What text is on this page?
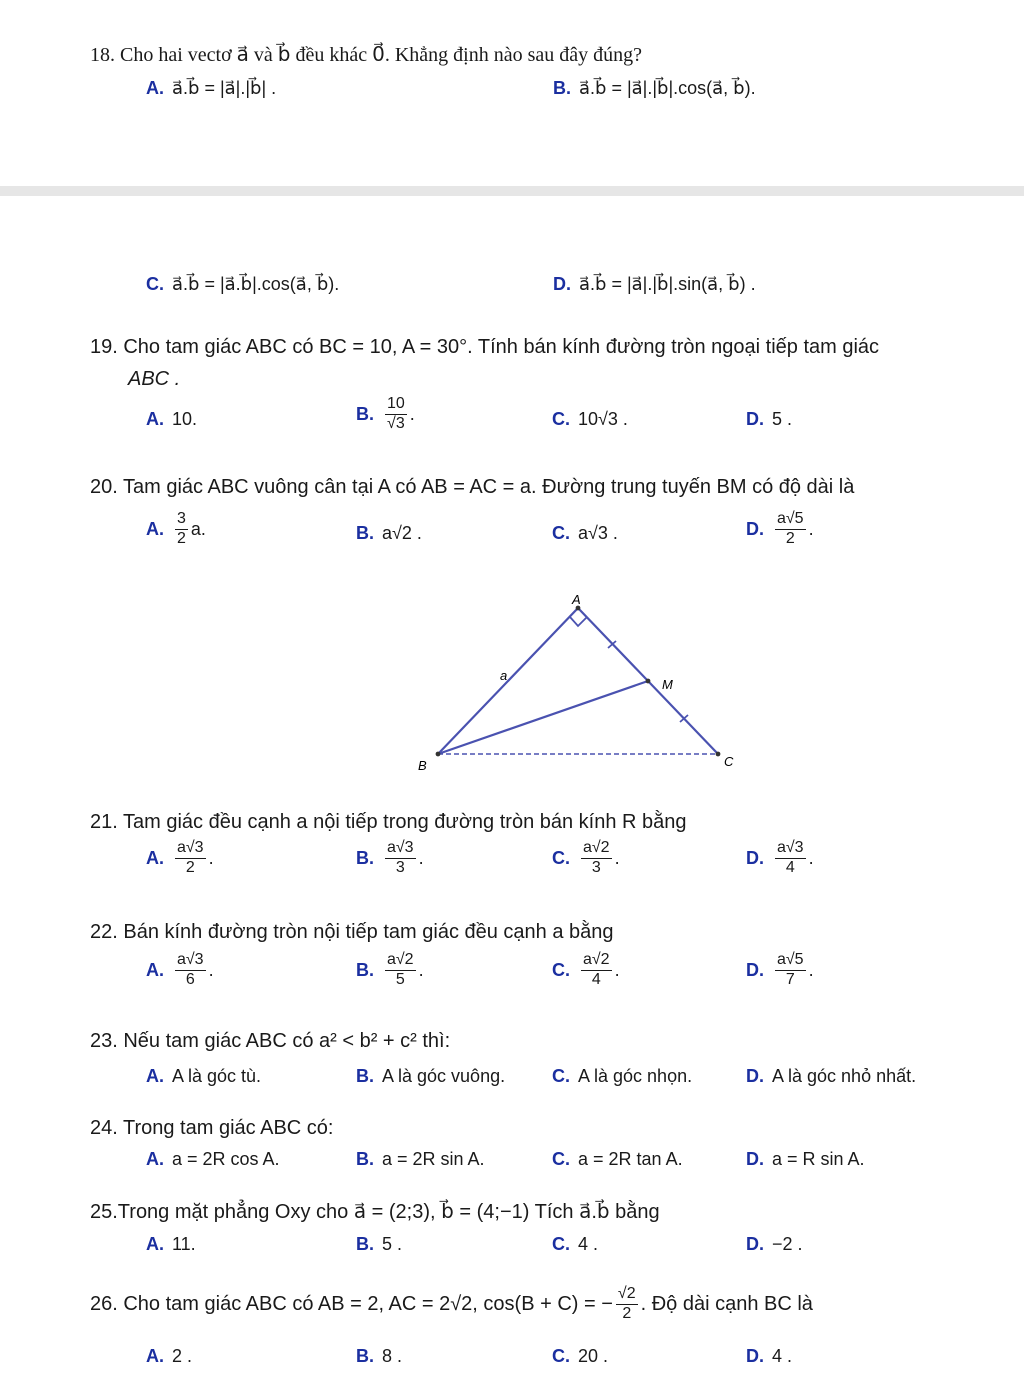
18. Cho hai vectơ a⃗ và b⃗ đều khác 0⃗. Khẳng định nào sau đây đúng?
A. a⃗.b⃗ = |a⃗|.|b⃗| .	B. a⃗.b⃗ = |a⃗|.|b⃗|.cos(a⃗, b⃗).
C. a⃗.b⃗ = |a⃗.b⃗|.cos(a⃗, b⃗).	D. a⃗.b⃗ = |a⃗|.|b⃗|.sin(a⃗, b⃗) .
19. Cho tam giác ABC có BC = 10, A = 30°. Tính bán kính đường tròn ngoại tiếp tam giác
ABC .
A. 10.	B. $\frac{10}{√3}$ .	C. 10√3 .	D. 5 .
20. Tam giác ABC vuông cân tại A có AB = AC = a. Đường trung tuyến BM có độ dài là
A. $\frac{3}{2} a$.	B. a√2 .	C. a√3 .	D. $\frac{a√5}{2}$ .
A
B	C
M
a
21. Tam giác đều cạnh a nội tiếp trong đường tròn bán kính R bằng
A. $\frac{a√3}{2}$ .	B. $\frac{a√3}{3}$ .	C. $\frac{a√2}{3}$ .	D. $\frac{a√3}{4}$ .
22. Bán kính đường tròn nội tiếp tam giác đều cạnh a bằng
A. $\frac{a√3}{6}$ .	B. $\frac{a√2}{5}$ .	C. $\frac{a√2}{4}$ .	D. $\frac{a√5}{7}$ .
23. Nếu tam giác ABC có a² < b² + c² thì:
A. A là góc tù.	B. A là góc vuông.	C. A là góc nhọn.	D. A là góc nhỏ nhất.
24. Trong tam giác ABC có:
A. a = 2R cos A.	B. a = 2R sin A.	C. a = 2R tan A.	D. a = R sin A.
25.Trong mặt phẳng Oxy cho a⃗ = (2;3), b⃗ = (4;−1) Tích a⃗.b⃗ bằng
A. 11.	B. 5 .	C. 4 .	D. −2 .
26. Cho tam giác ABC có AB = 2, AC = 2√2, cos(B + C) = − $\frac{√2}{2}$ . Độ dài cạnh BC là
A. 2 .	B. 8 .	C. 20 .	D. 4 .
